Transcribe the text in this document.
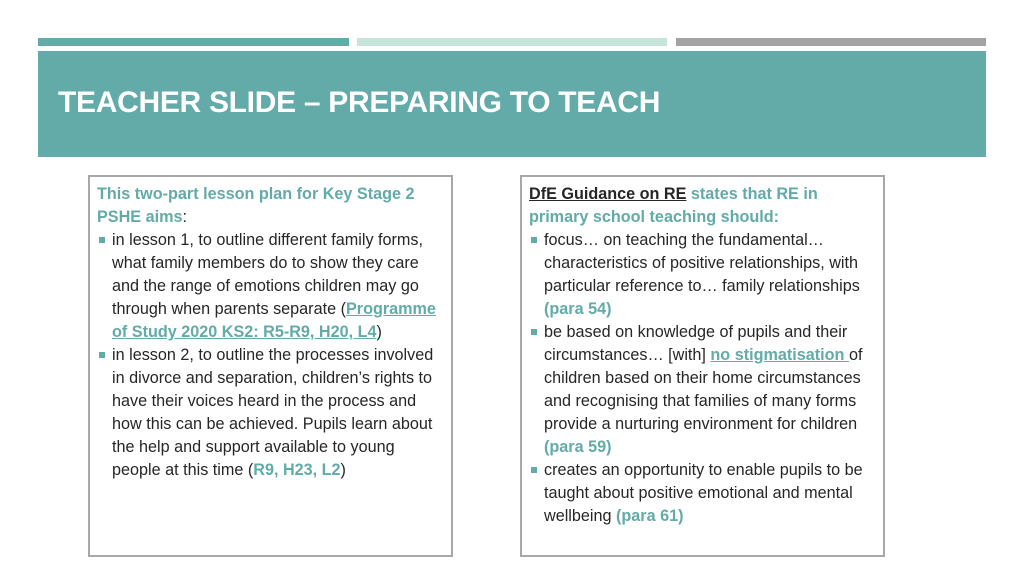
TEACHER SLIDE – PREPARING TO TEACH
This two-part lesson plan for Key Stage 2 PSHE aims:
in lesson 1, to outline different family forms, what family members do to show they care and the range of emotions children may go through when parents separate (Programme of Study 2020 KS2: R5-R9, H20, L4)
in lesson 2, to outline the processes involved in divorce and separation, children’s rights to have their voices heard in the process and how this can be achieved. Pupils learn about the help and support available to young people at this time (R9, H23, L2)
DfE Guidance on RE states that RE in primary school teaching should:
focus… on teaching the fundamental… characteristics of positive relationships, with particular reference to… family relationships (para 54)
be based on knowledge of pupils and their circumstances… [with] no stigmatisation of children based on their home circumstances and recognising that families of many forms provide a nurturing environment for children (para 59)
creates an opportunity to enable pupils to be taught about positive emotional and mental wellbeing (para 61)
